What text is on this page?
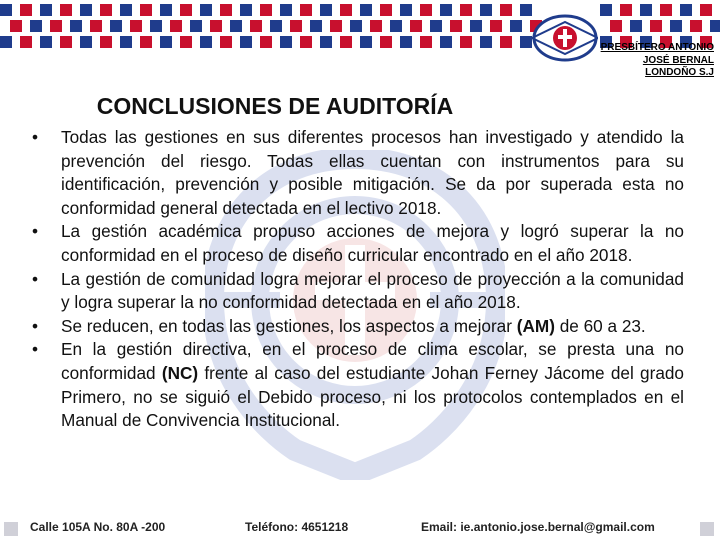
PRESBÍTERO ANTONIO
JOSÉ BERNAL
LONDOÑO S.J
CONCLUSIONES DE AUDITORÍA
• Todas las gestiones en sus diferentes procesos han investigado y atendido la prevención del riesgo. Todas ellas cuentan con instrumentos para su identificación, prevención y posible mitigación. Se da por superada esta no conformidad general detectada en el lectivo 2018.
• La gestión académica propuso acciones de mejora y logró superar la no conformidad en el proceso de diseño curricular encontrado en el año 2018.
• La gestión de comunidad logra mejorar el proceso de proyección a la comunidad y logra superar la no conformidad detectada en el año 2018.
• Se reducen, en todas las gestiones, los aspectos a mejorar (AM) de 60 a 23.
• En la gestión directiva, en el proceso de clima escolar, se presta una no conformidad (NC) frente al caso del estudiante Johan Ferney Jácome del grado Primero, no se siguió el Debido proceso, ni los protocolos contemplados en el Manual de Convivencia Institucional.
Calle 105A No. 80A -200	Teléfono: 4651218	Email: ie.antonio.jose.bernal@gmail.com
